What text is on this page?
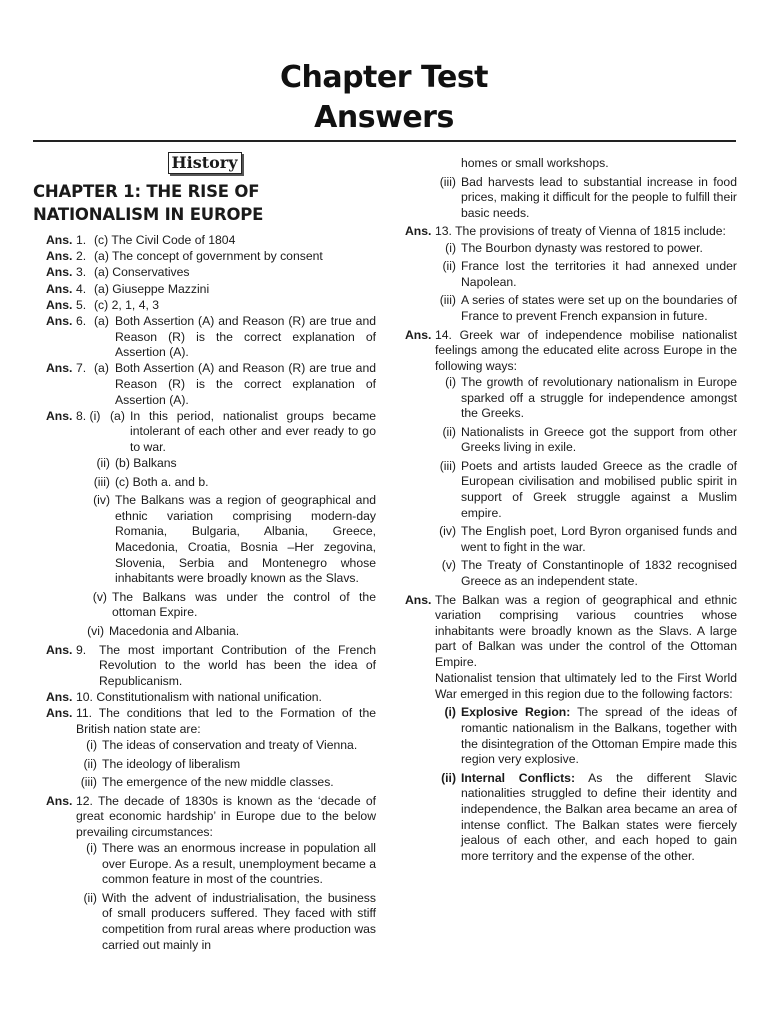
Chapter Test
Answers
History
CHAPTER 1: THE RISE OF NATIONALISM IN EUROPE
Ans. 1. (c) The Civil Code of 1804
Ans. 2. (a) The concept of government by consent
Ans. 3. (a) Conservatives
Ans. 4. (a) Giuseppe Mazzini
Ans. 5. (c) 2, 1, 4, 3
Ans. 6. (a) Both Assertion (A) and Reason (R) are true and Reason (R) is the correct explanation of Assertion (A).
Ans. 7. (a) Both Assertion (A) and Reason (R) are true and Reason (R) is the correct explanation of Assertion (A).
Ans. 8. (i) (a) In this period, nationalist groups became intolerant of each other and ever ready to go to war.
(ii) (b) Balkans
(iii) (c) Both a. and b.
(iv) The Balkans was a region of geographical and ethnic variation comprising modern-day Romania, Bulgaria, Albania, Greece, Macedonia, Croatia, Bosnia –Her zegovina, Slovenia, Serbia and Montenegro whose inhabitants were broadly known as the Slavs.
(v) The Balkans was under the control of the ottoman Expire.
(vi) Macedonia and Albania.
Ans. 9.	The most important Contribution of the French Revolution to the world has been the idea of Republicanism.
Ans. 10. Constitutionalism with national unification.
Ans. 11. The conditions that led to the Formation of the British nation state are:
(i) The ideas of conservation and treaty of Vienna.
(ii) The ideology of liberalism
(iii) The emergence of the new middle classes.
Ans. 12. The decade of 1830s is known as the ‘decade of great economic hardship’ in Europe due to the below prevailing circumstances:
(i) There was an enormous increase in population all over Europe. As a result, unemployment became a common feature in most of the countries.
(ii) With the advent of industrialisation, the business of small producers suffered. They faced with stiff competition from rural areas where production was carried out mainly in
homes or small workshops.
(iii) Bad harvests lead to substantial increase in food prices, making it difficult for the people to fulfill their basic needs.
Ans. 13. The provisions of treaty of Vienna of 1815 include:
(i) The Bourbon dynasty was restored to power.
(ii) France lost the territories it had annexed under Napolean.
(iii) A series of states were set up on the boundaries of France to prevent French expansion in future.
Ans. 14. Greek war of independence mobilise nationalist feelings among the educated elite across Europe in the following ways:
(i) The growth of revolutionary nationalism in Europe sparked off a struggle for independence amongst the Greeks.
(ii) Nationalists in Greece got the support from other Greeks living in exile.
(iii) Poets and artists lauded Greece as the cradle of European civilisation and mobilised public spirit in support of Greek struggle against a Muslim empire.
(iv) The English poet, Lord Byron organised funds and went to fight in the war.
(v) The Treaty of Constantinople of 1832 recognised Greece as an independent state.
Ans. The Balkan was a region of geographical and ethnic variation comprising various countries whose inhabitants were broadly known as the Slavs. A large part of Balkan was under the control of the Ottoman Empire.
Nationalist tension that ultimately led to the First World War emerged in this region due to the following factors:
(i) Explosive Region: The spread of the ideas of romantic nationalism in the Balkans, together with the disintegration of the Ottoman Empire made this region very explosive.
(ii) Internal Conflicts: As the different Slavic nationalities struggled to define their identity and independence, the Balkan area became an area of intense conflict. The Balkan states were fiercely jealous of each other, and each hoped to gain more territory and the expense of the other.
